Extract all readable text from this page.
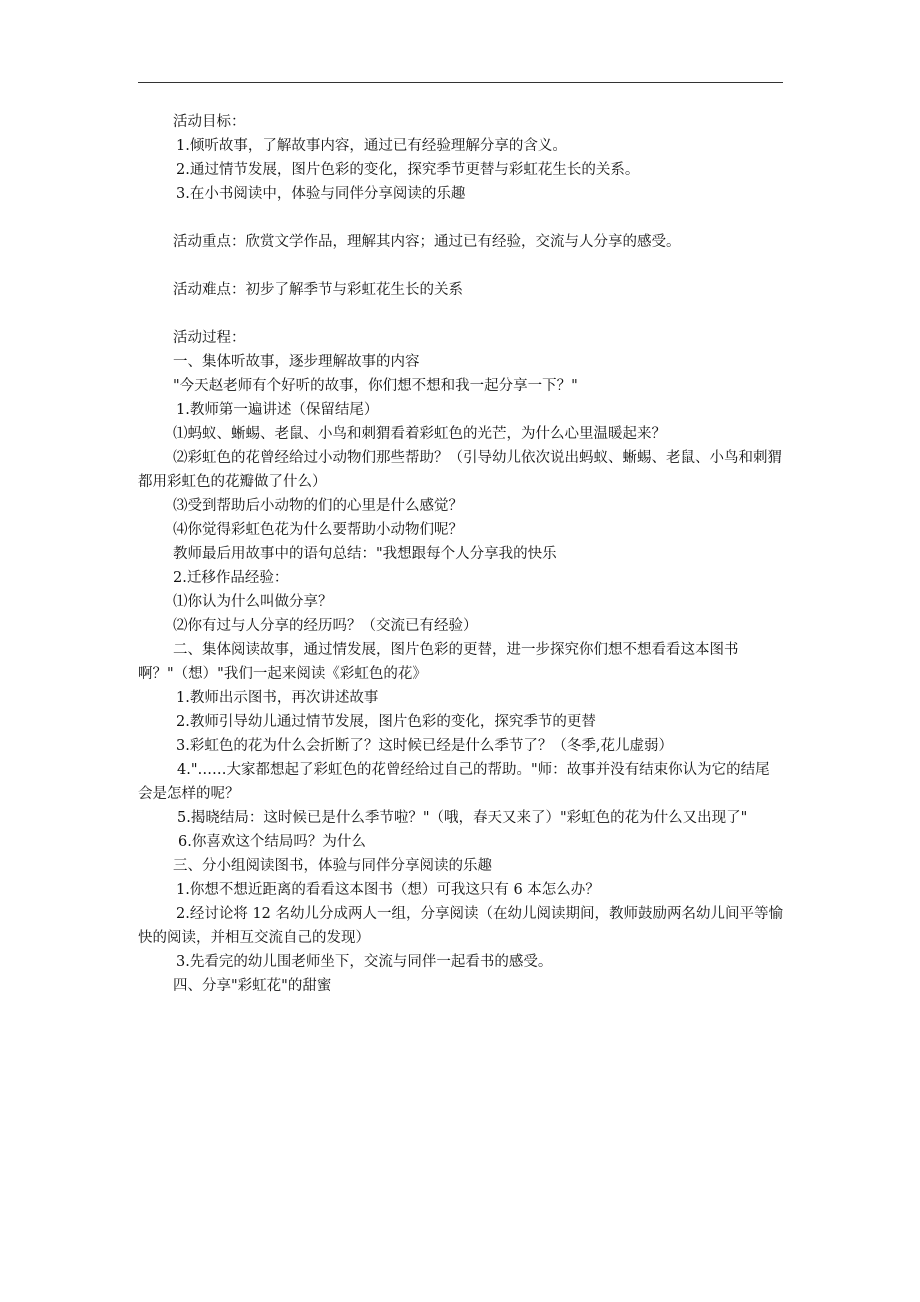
活动目标：
1.倾听故事，了解故事内容，通过已有经验理解分享的含义。
2.通过情节发展，图片色彩的变化，探究季节更替与彩虹花生长的关系。
3.在小书阅读中，体验与同伴分享阅读的乐趣
活动重点：欣赏文学作品，理解其内容；通过已有经验，交流与人分享的感受。
活动难点：初步了解季节与彩虹花生长的关系
活动过程：
一、集体听故事，逐步理解故事的内容
"今天赵老师有个好听的故事，你们想不想和我一起分享一下？"
1.教师第一遍讲述（保留结尾）
⑴蚂蚁、蜥蜴、老鼠、小鸟和刺猬看着彩虹色的光芒，为什么心里温暖起来？
⑵彩虹色的花曾经给过小动物们那些帮助？（引导幼儿依次说出蚂蚁、蜥蜴、老鼠、小鸟和刺猬都用彩虹色的花瓣做了什么）
⑶受到帮助后小动物的们的心里是什么感觉？
⑷你觉得彩虹色花为什么要帮助小动物们呢？
教师最后用故事中的语句总结："我想跟每个人分享我的快乐
2.迁移作品经验：
⑴你认为什么叫做分享？
⑵你有过与人分享的经历吗？（交流已有经验）
二、集体阅读故事，通过情发展，图片色彩的更替，进一步探究你们想不想看看这本图书啊？"（想）"我们一起来阅读《彩虹色的花》
1.教师出示图书，再次讲述故事
2.教师引导幼儿通过情节发展，图片色彩的变化，探究季节的更替
3.彩虹色的花为什么会折断了？这时候已经是什么季节了？（冬季,花儿虚弱）
4."……大家都想起了彩虹色的花曾经给过自己的帮助。"师：故事并没有结束你认为它的结尾会是怎样的呢？
5.揭晓结局：这时候已是什么季节啦？"（哦，春天又来了）"彩虹色的花为什么又出现了"
6.你喜欢这个结局吗？为什么
三、分小组阅读图书，体验与同伴分享阅读的乐趣
1.你想不想近距离的看看这本图书（想）可我这只有 6 本怎么办？
2.经讨论将 12 名幼儿分成两人一组，分享阅读（在幼儿阅读期间，教师鼓励两名幼儿间平等愉快的阅读，并相互交流自己的发现）
3.先看完的幼儿围老师坐下，交流与同伴一起看书的感受。
四、分享"彩虹花"的甜蜜
